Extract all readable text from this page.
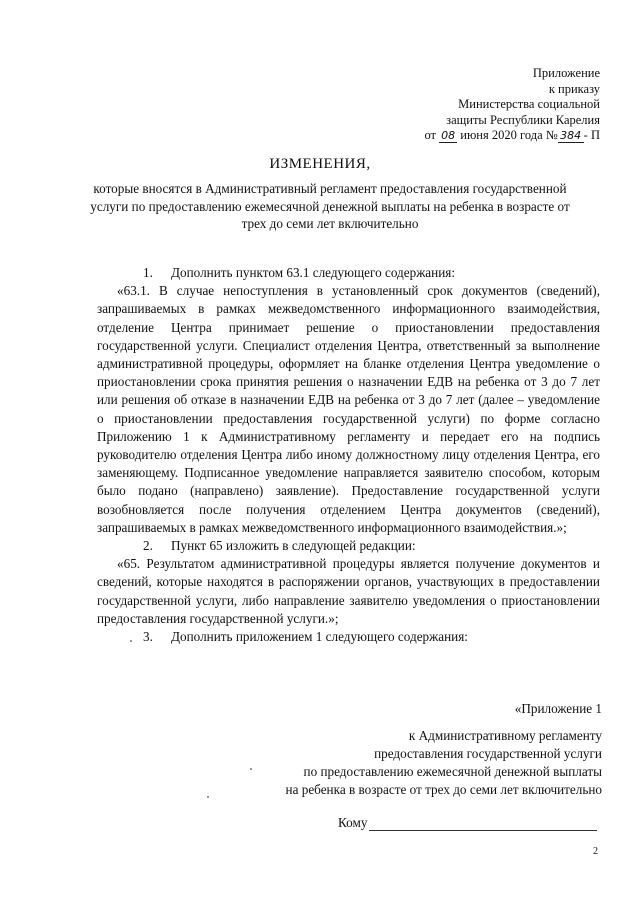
Приложение
к приказу
Министерства социальной
защиты Республики Карелия
от 08 июня 2020 года № 384 - П
ИЗМЕНЕНИЯ,
которые вносятся в Административный регламент предоставления государственной услуги по предоставлению ежемесячной денежной выплаты на ребенка в возрасте от трех до семи лет включительно

1. Дополнить пунктом 63.1 следующего содержания:

«63.1. В случае непоступления в установленный срок документов (сведений), запрашиваемых в рамках межведомственного информационного взаимодействия, отделение Центра принимает решение о приостановлении предоставления государственной услуги. Специалист отделения Центра, ответственный за выполнение административной процедуры, оформляет на бланке отделения Центра уведомление о приостановлении срока принятия решения о назначении ЕДВ на ребенка от 3 до 7 лет или решения об отказе в назначении ЕДВ на ребенка от 3 до 7 лет (далее – уведомление о приостановлении предоставления государственной услуги) по форме согласно Приложению 1 к Административному регламенту и передает его на подпись руководителю отделения Центра либо иному должностному лицу отделения Центра, его заменяющему. Подписанное уведомление направляется заявителю способом, которым было подано (направлено) заявление). Предоставление государственной услуги возобновляется после получения отделением Центра документов (сведений), запрашиваемых в рамках межведомственного информационного взаимодействия.»;

2. Пункт 65 изложить в следующей редакции:

«65. Результатом административной процедуры является получение документов и сведений, которые находятся в распоряжении органов, участвующих в предоставлении государственной услуги, либо направление заявителю уведомления о приостановлении предоставления государственной услуги.»;

3. Дополнить приложением 1 следующего содержания:

«Приложение 1
к Административному регламенту
предоставления государственной услуги
по предоставлению ежемесячной денежной выплаты
на ребенка в возрасте от трех до семи лет включительно
Кому
2
